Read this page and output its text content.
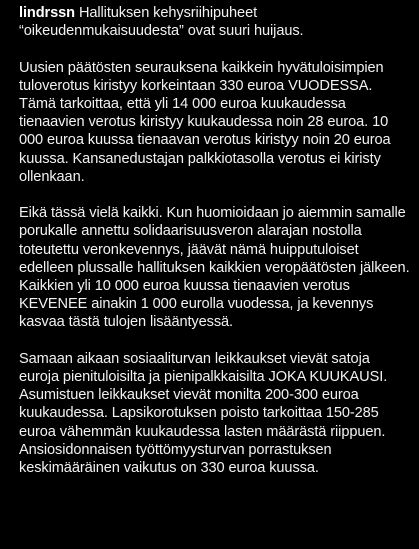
lindrssn Hallituksen kehysriihipuheet “oikeudenmukaisuudesta” ovat suuri huijaus.

Uusien päätösten seurauksena kaikkein hyvätuloisimpien tuloverotus kiristyy korkeintaan 330 euroa VUODESSA. Tämä tarkoittaa, että yli 14 000 euroa kuukaudessa tienaavien verotus kiristyy kuukaudessa noin 28 euroa. 10 000 euroa kuussa tienaavan verotus kiristyy noin 20 euroa kuussa. Kansanedustajan palkkiotasolla verotus ei kiristy ollenkaan.

Eikä tässä vielä kaikki. Kun huomioidaan jo aiemmin samalle porukalle annettu solidaarisuusveron alarajan nostolla toteutettu veronkevennys, jäävät nämä huipputuloiset edelleen plussalle hallituksen kaikkien veropäätösten jälkeen. Kaikkien yli 10 000 euroa kuussa tienaavien verotus KEVENEE ainakin 1 000 eurolla vuodessa, ja kevennys kasvaa tästä tulojen lisääntyessä.

Samaan aikaan sosiaaliturvan leikkaukset vievät satoja euroja pienituloisilta ja pienipalkkaisilta JOKA KUUKAUSI. Asumistuen leikkaukset vievät monilta 200-300 euroa kuukaudessa. Lapsikorotuksen poisto tarkoittaa 150-285 euroa vähemmän kuukaudessa lasten määrästä riippuen. Ansiosidonnaisen työttömyysturvan porrastuksen keskimääräinen vaikutus on 330 euroa kuussa.
